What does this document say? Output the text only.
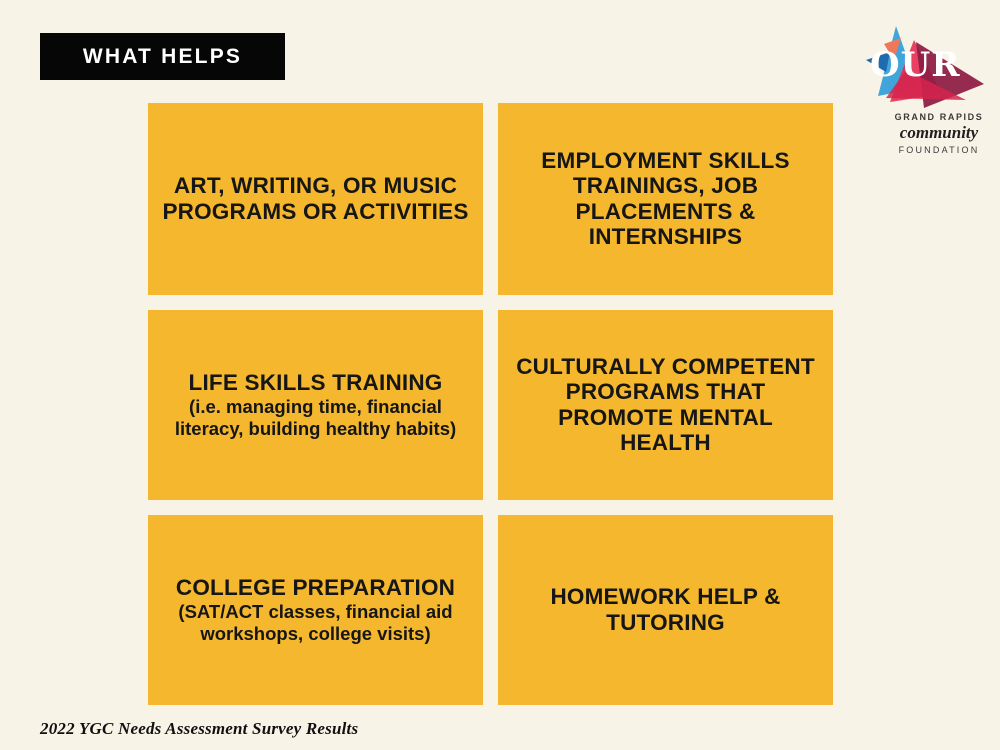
WHAT HELPS	OUR
GRAND RAPIDS
community
FOUNDATION
ART, WRITING, OR MUSIC PROGRAMS OR ACTIVITIES
EMPLOYMENT SKILLS TRAININGS, JOB PLACEMENTS & INTERNSHIPS
LIFE SKILLS TRAINING
(i.e. managing time, financial literacy, building healthy habits)
CULTURALLY COMPETENT PROGRAMS THAT PROMOTE MENTAL HEALTH
COLLEGE PREPARATION
(SAT/ACT classes, financial aid workshops, college visits)
HOMEWORK HELP & TUTORING
2022 YGC Needs Assessment Survey Results
